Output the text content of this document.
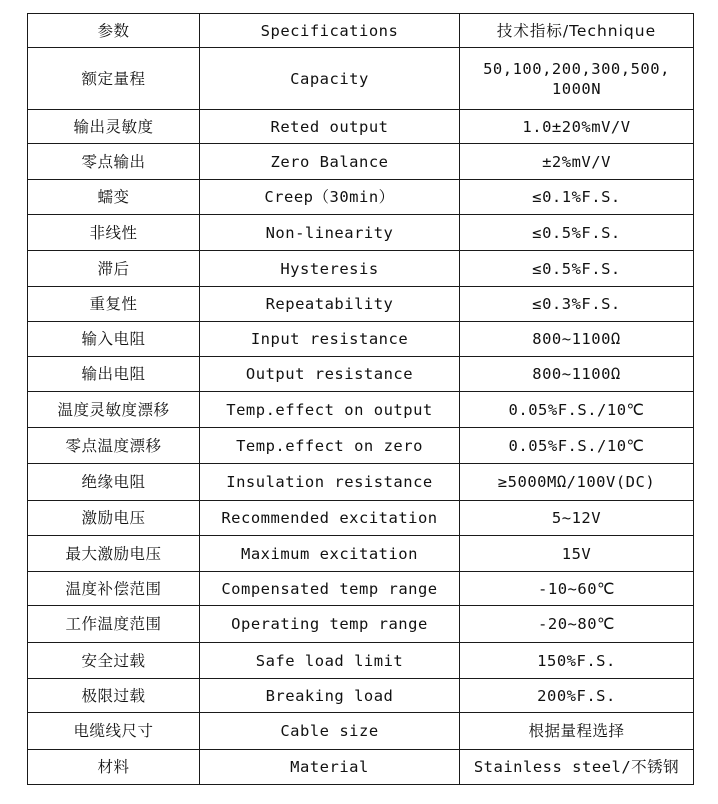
参数	Specifications	技术指标/Technique
额定量程	Capacity	50,100,200,300,500,
1000N
输出灵敏度	Reted output	1.0±20%mV/V
零点输出	Zero Balance	±2%mV/V
蠕变	Creep（30min）	≤0.1%F.S.
非线性	Non-linearity	≤0.5%F.S.
滞后	Hysteresis	≤0.5%F.S.
重复性	Repeatability	≤0.3%F.S.
输入电阻	Input resistance	800~1100Ω
输出电阻	Output resistance	800~1100Ω
温度灵敏度漂移	Temp.effect on output	0.05%F.S./10℃
零点温度漂移	Temp.effect on zero	0.05%F.S./10℃
绝缘电阻	Insulation resistance	≥5000MΩ/100V(DC)
激励电压	Recommended excitation	5~12V
最大激励电压	Maximum excitation	15V
温度补偿范围	Compensated temp range	-10~60℃
工作温度范围	Operating temp range	-20~80℃
安全过载	Safe load limit	150%F.S.
极限过载	Breaking load	200%F.S.
电缆线尺寸	Cable size	根据量程选择
材料	Material	Stainless steel/不锈钢
